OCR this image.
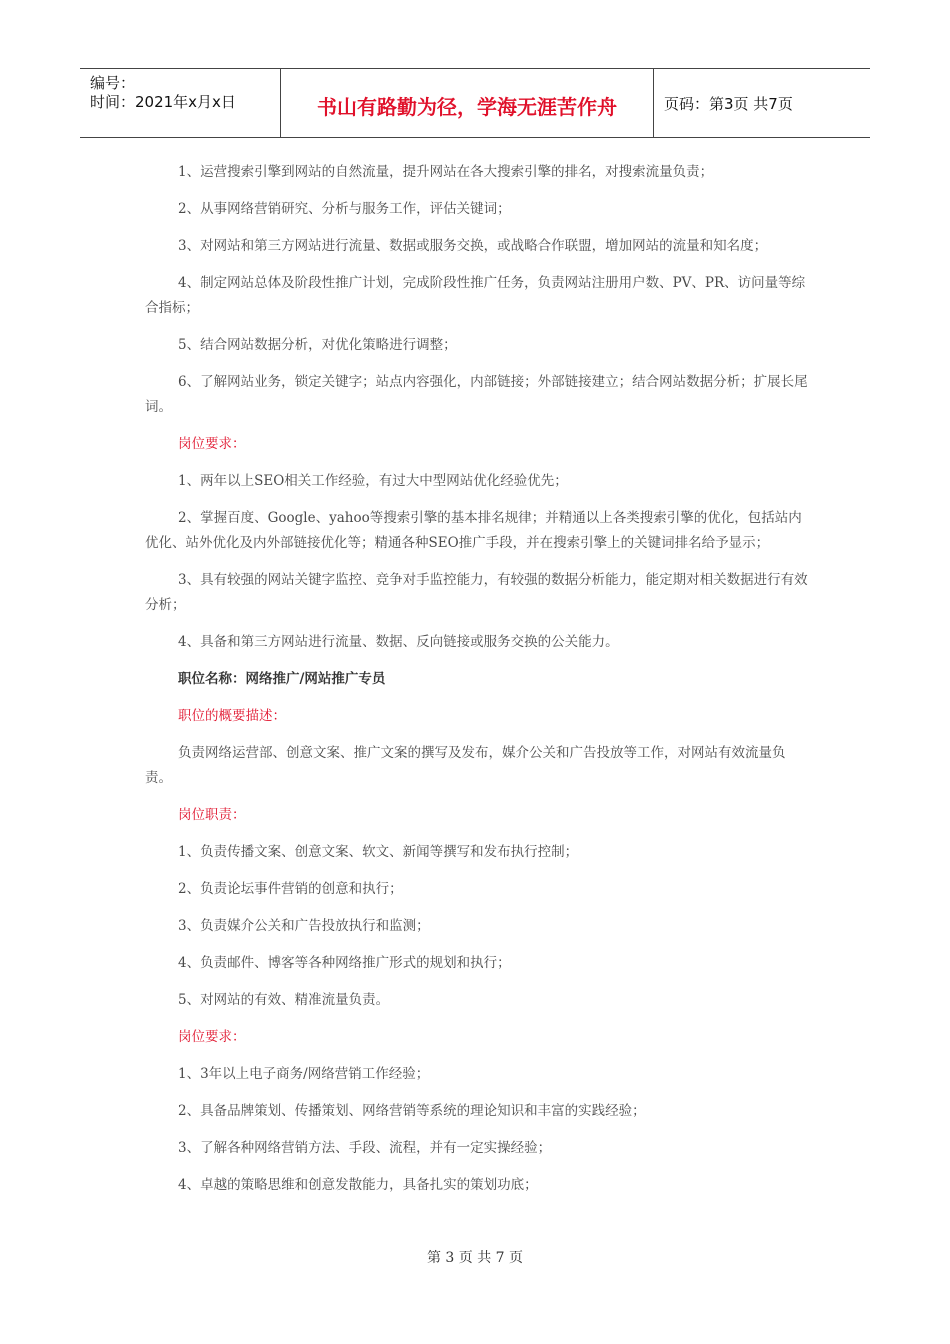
编号：
时间：2021年x月x日	书山有路勤为径，学海无涯苦作舟	页码：第3页 共7页

1、运营搜索引擎到网站的自然流量，提升网站在各大搜索引擎的排名，对搜索流量负责；

2、从事网络营销研究、分析与服务工作，评估关键词；

3、对网站和第三方网站进行流量、数据或服务交换，或战略合作联盟，增加网站的流量和知名度；

4、制定网站总体及阶段性推广计划，完成阶段性推广任务，负责网站注册用户数、PV、PR、访问量等综合指标；

5、结合网站数据分析，对优化策略进行调整；

6、了解网站业务，锁定关键字；站点内容强化，内部链接；外部链接建立；结合网站数据分析；扩展长尾词。

岗位要求：

1、两年以上SEO相关工作经验，有过大中型网站优化经验优先；

2、掌握百度、Google、yahoo等搜索引擎的基本排名规律；并精通以上各类搜索引擎的优化，包括站内优化、站外优化及内外部链接优化等；精通各种SEO推广手段，并在搜索引擎上的关键词排名给予显示；

3、具有较强的网站关键字监控、竞争对手监控能力，有较强的数据分析能力，能定期对相关数据进行有效分析；

4、具备和第三方网站进行流量、数据、反向链接或服务交换的公关能力。

职位名称：网络推广/网站推广专员

职位的概要描述：

负责网络运营部、创意文案、推广文案的撰写及发布，媒介公关和广告投放等工作，对网站有效流量负责。

岗位职责：

1、负责传播文案、创意文案、软文、新闻等撰写和发布执行控制；

2、负责论坛事件营销的创意和执行；

3、负责媒介公关和广告投放执行和监测；

4、负责邮件、博客等各种网络推广形式的规划和执行；

5、对网站的有效、精准流量负责。

岗位要求：

1、3年以上电子商务/网络营销工作经验；

2、具备品牌策划、传播策划、网络营销等系统的理论知识和丰富的实践经验；

3、了解各种网络营销方法、手段、流程，并有一定实操经验；

4、卓越的策略思维和创意发散能力，具备扎实的策划功底；

第 3 页 共 7 页
